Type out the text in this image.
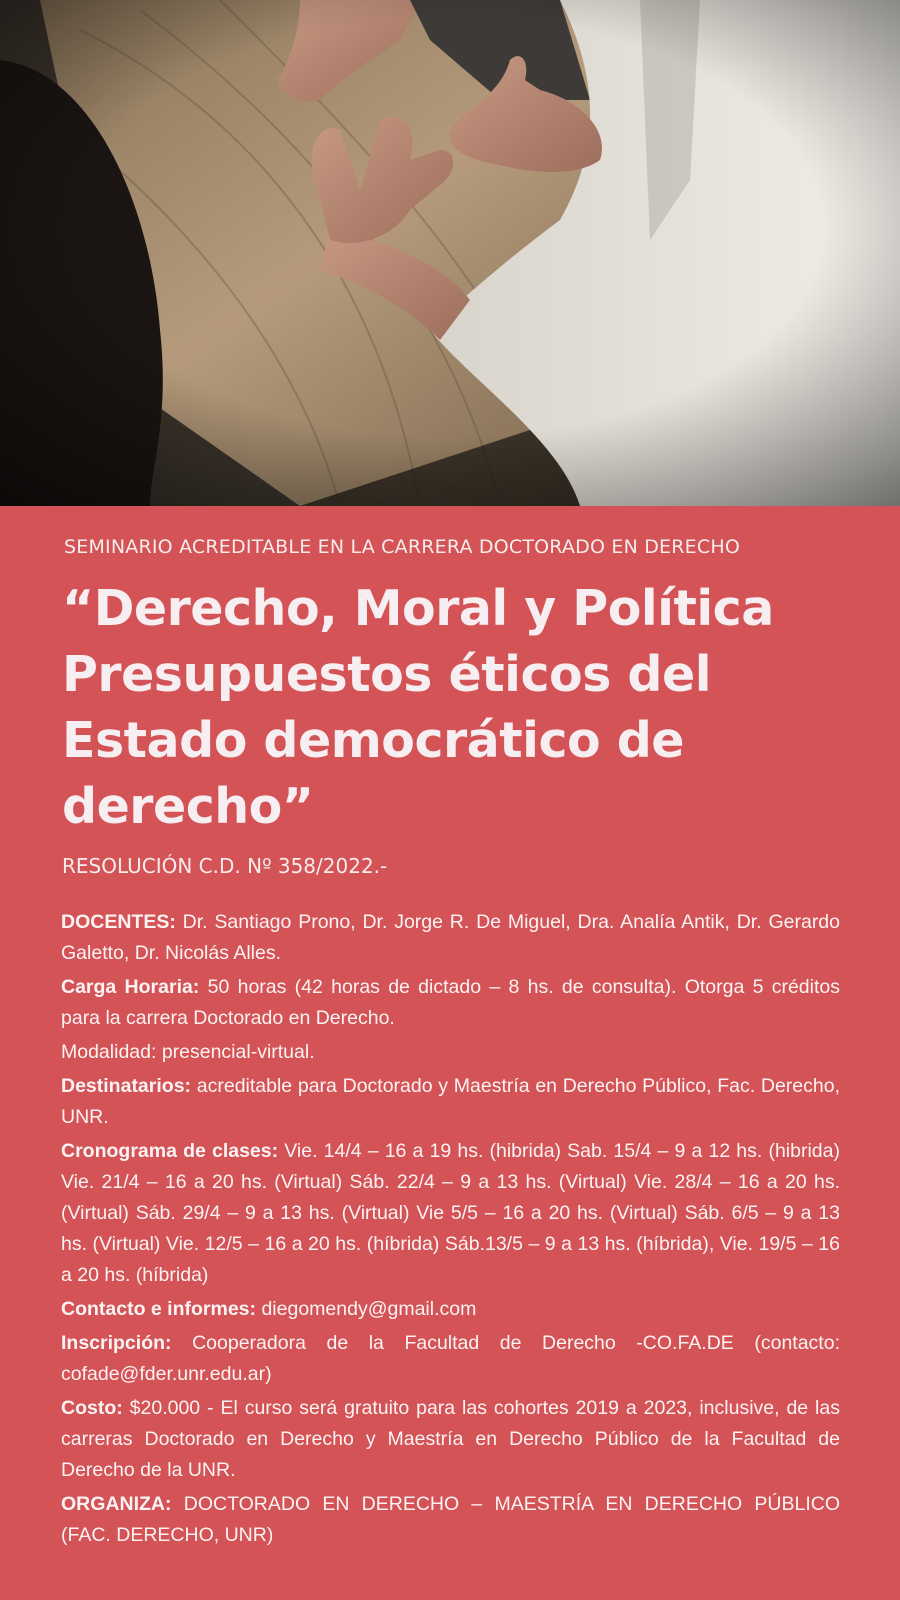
SEMINARIO ACREDITABLE EN LA CARRERA DOCTORADO EN DERECHO
“Derecho, Moral y Política
Presupuestos éticos del
Estado democrático de
derecho”
RESOLUCIÓN C.D. Nº 358/2022.-

DOCENTES: Dr. Santiago Prono, Dr. Jorge R. De Miguel, Dra. Analía Antik, Dr. Gerardo Galetto, Dr. Nicolás Alles.

Carga Horaria: 50 horas (42 horas de dictado – 8 hs. de consulta). Otorga 5 créditos para la carrera Doctorado en Derecho.

Modalidad: presencial-virtual.

Destinatarios: acreditable para Doctorado y Maestría en Derecho Público, Fac. Derecho, UNR.

Cronograma de clases: Vie. 14/4 – 16 a 19 hs. (hibrida) Sab. 15/4 – 9 a 12 hs. (hibrida) Vie. 21/4 – 16 a 20 hs. (Virtual) Sáb. 22/4 – 9 a 13 hs. (Virtual) Vie. 28/4 – 16 a 20 hs. (Virtual) Sáb. 29/4 – 9 a 13 hs. (Virtual) Vie 5/5 – 16 a 20 hs. (Virtual) Sáb. 6/5 – 9 a 13 hs. (Virtual) Vie. 12/5 – 16 a 20 hs. (híbrida) Sáb.13/5 – 9 a 13 hs. (híbrida), Vie. 19/5 – 16 a 20 hs. (híbrida)

Contacto e informes: diegomendy@gmail.com

Inscripción: Cooperadora de la Facultad de Derecho -CO.FA.DE (contacto: cofade@fder.unr.edu.ar)

Costo: $20.000 - El curso será gratuito para las cohortes 2019 a 2023, inclusive, de las carreras Doctorado en Derecho y Maestría en Derecho Público de la Facultad de Derecho de la UNR.

ORGANIZA: DOCTORADO EN DERECHO – MAESTRÍA EN DERECHO PÚBLICO (FAC. DERECHO, UNR)
